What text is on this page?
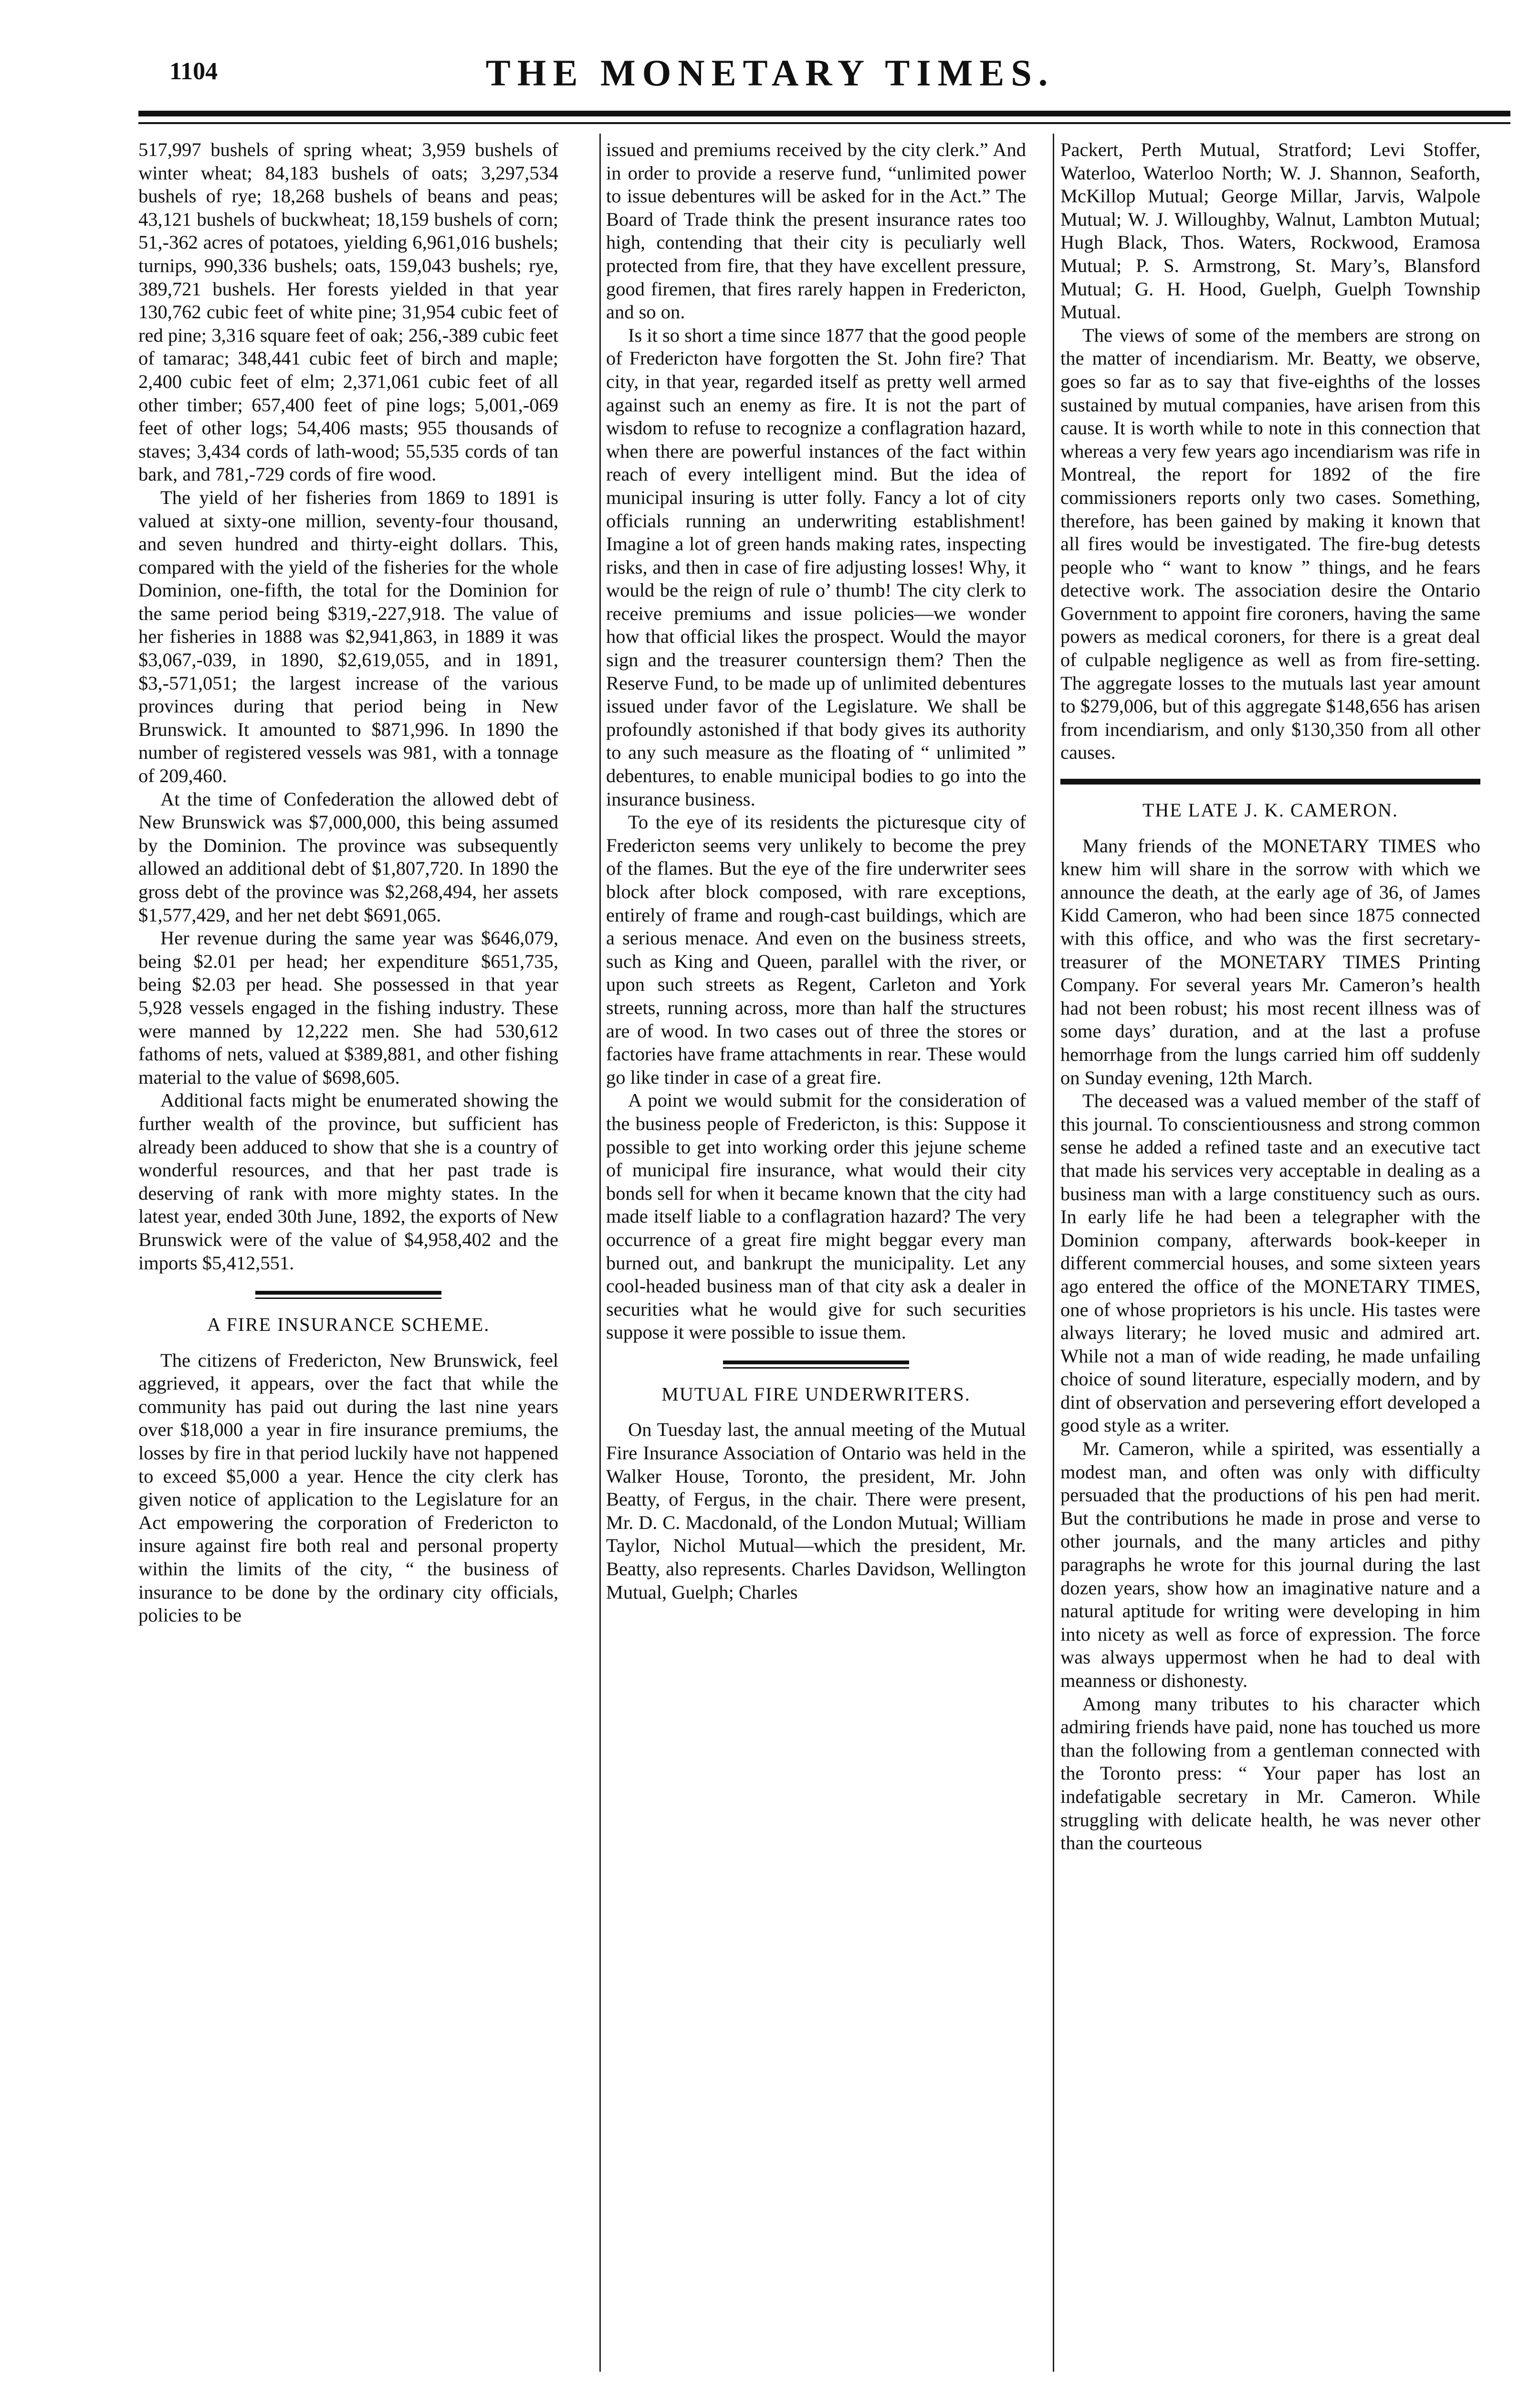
1104	THE MONETARY TIMES.

517,997 bushels of spring wheat; 3,959 bushels of winter wheat; 84,183 bushels of oats; 3,297,534 bushels of rye; 18,268 bushels of beans and peas; 43,121 bushels of buckwheat; 18,159 bushels of corn; 51,-362 acres of potatoes, yielding 6,961,016 bushels; turnips, 990,336 bushels; oats, 159,043 bushels; rye, 389,721 bushels. Her forests yielded in that year 130,762 cubic feet of white pine; 31,954 cubic feet of red pine; 3,316 square feet of oak; 256,-389 cubic feet of tamarac; 348,441 cubic feet of birch and maple; 2,400 cubic feet of elm; 2,371,061 cubic feet of all other timber; 657,400 feet of pine logs; 5,001,-069 feet of other logs; 54,406 masts; 955 thousands of staves; 3,434 cords of lath-wood; 55,535 cords of tan bark, and 781,-729 cords of fire wood.

The yield of her fisheries from 1869 to 1891 is valued at sixty-one million, seventy-four thousand, and seven hundred and thirty-eight dollars. This, compared with the yield of the fisheries for the whole Dominion, one-fifth, the total for the Dominion for the same period being $319,-227,918. The value of her fisheries in 1888 was $2,941,863, in 1889 it was $3,067,-039, in 1890, $2,619,055, and in 1891, $3,-571,051; the largest increase of the various provinces during that period being in New Brunswick. It amounted to $871,996. In 1890 the number of registered vessels was 981, with a tonnage of 209,460.

At the time of Confederation the allowed debt of New Brunswick was $7,000,000, this being assumed by the Dominion. The province was subsequently allowed an additional debt of $1,807,720. In 1890 the gross debt of the province was $2,268,494, her assets $1,577,429, and her net debt $691,065.

Her revenue during the same year was $646,079, being $2.01 per head; her expenditure $651,735, being $2.03 per head. She possessed in that year 5,928 vessels engaged in the fishing industry. These were manned by 12,222 men. She had 530,612 fathoms of nets, valued at $389,881, and other fishing material to the value of $698,605.

Additional facts might be enumerated showing the further wealth of the province, but sufficient has already been adduced to show that she is a country of wonderful resources, and that her past trade is deserving of rank with more mighty states. In the latest year, ended 30th June, 1892, the exports of New Brunswick were of the value of $4,958,402 and the imports $5,412,551.

A FIRE INSURANCE SCHEME.

The citizens of Fredericton, New Brunswick, feel aggrieved, it appears, over the fact that while the community has paid out during the last nine years over $18,000 a year in fire insurance premiums, the losses by fire in that period luckily have not happened to exceed $5,000 a year. Hence the city clerk has given notice of application to the Legislature for an Act empowering the corporation of Fredericton to insure against fire both real and personal property within the limits of the city, “ the business of insurance to be done by the ordinary city officials, policies to be

issued and premiums received by the city clerk.” And in order to provide a reserve fund, “unlimited power to issue debentures will be asked for in the Act.” The Board of Trade think the present insurance rates too high, contending that their city is peculiarly well protected from fire, that they have excellent pressure, good firemen, that fires rarely happen in Fredericton, and so on.

Is it so short a time since 1877 that the good people of Fredericton have forgotten the St. John fire? That city, in that year, regarded itself as pretty well armed against such an enemy as fire. It is not the part of wisdom to refuse to recognize a conflagration hazard, when there are powerful instances of the fact within reach of every intelligent mind. But the idea of municipal insuring is utter folly. Fancy a lot of city officials running an underwriting establishment! Imagine a lot of green hands making rates, inspecting risks, and then in case of fire adjusting losses! Why, it would be the reign of rule o’ thumb! The city clerk to receive premiums and issue policies—we wonder how that official likes the prospect. Would the mayor sign and the treasurer countersign them? Then the Reserve Fund, to be made up of unlimited debentures issued under favor of the Legislature. We shall be profoundly astonished if that body gives its authority to any such measure as the floating of “ unlimited ” debentures, to enable municipal bodies to go into the insurance business.

To the eye of its residents the picturesque city of Fredericton seems very unlikely to become the prey of the flames. But the eye of the fire underwriter sees block after block composed, with rare exceptions, entirely of frame and rough-cast buildings, which are a serious menace. And even on the business streets, such as King and Queen, parallel with the river, or upon such streets as Regent, Carleton and York streets, running across, more than half the structures are of wood. In two cases out of three the stores or factories have frame attachments in rear. These would go like tinder in case of a great fire.

A point we would submit for the consideration of the business people of Fredericton, is this: Suppose it possible to get into working order this jejune scheme of municipal fire insurance, what would their city bonds sell for when it became known that the city had made itself liable to a conflagration hazard? The very occurrence of a great fire might beggar every man burned out, and bankrupt the municipality. Let any cool-headed business man of that city ask a dealer in securities what he would give for such securities suppose it were possible to issue them.

MUTUAL FIRE UNDERWRITERS.

On Tuesday last, the annual meeting of the Mutual Fire Insurance Association of Ontario was held in the Walker House, Toronto, the president, Mr. John Beatty, of Fergus, in the chair. There were present, Mr. D. C. Macdonald, of the London Mutual; William Taylor, Nichol Mutual—which the president, Mr. Beatty, also represents. Charles Davidson, Wellington Mutual, Guelph; Charles

Packert, Perth Mutual, Stratford; Levi Stoffer, Waterloo, Waterloo North; W. J. Shannon, Seaforth, McKillop Mutual; George Millar, Jarvis, Walpole Mutual; W. J. Willoughby, Walnut, Lambton Mutual; Hugh Black, Thos. Waters, Rockwood, Eramosa Mutual; P. S. Armstrong, St. Mary’s, Blansford Mutual; G. H. Hood, Guelph, Guelph Township Mutual.

The views of some of the members are strong on the matter of incendiarism. Mr. Beatty, we observe, goes so far as to say that five-eighths of the losses sustained by mutual companies, have arisen from this cause. It is worth while to note in this connection that whereas a very few years ago incendiarism was rife in Montreal, the report for 1892 of the fire commissioners reports only two cases. Something, therefore, has been gained by making it known that all fires would be investigated. The fire-bug detests people who “ want to know ” things, and he fears detective work. The association desire the Ontario Government to appoint fire coroners, having the same powers as medical coroners, for there is a great deal of culpable negligence as well as from fire-setting. The aggregate losses to the mutuals last year amount to $279,006, but of this aggregate $148,656 has arisen from incendiarism, and only $130,350 from all other causes.

THE LATE J. K. CAMERON.

Many friends of the MONETARY TIMES who knew him will share in the sorrow with which we announce the death, at the early age of 36, of James Kidd Cameron, who had been since 1875 connected with this office, and who was the first secretary-treasurer of the MONETARY TIMES Printing Company. For several years Mr. Cameron’s health had not been robust; his most recent illness was of some days’ duration, and at the last a profuse hemorrhage from the lungs carried him off suddenly on Sunday evening, 12th March.

The deceased was a valued member of the staff of this journal. To conscientiousness and strong common sense he added a refined taste and an executive tact that made his services very acceptable in dealing as a business man with a large constituency such as ours. In early life he had been a telegrapher with the Dominion company, afterwards book-keeper in different commercial houses, and some sixteen years ago entered the office of the MONETARY TIMES, one of whose proprietors is his uncle. His tastes were always literary; he loved music and admired art. While not a man of wide reading, he made unfailing choice of sound literature, especially modern, and by dint of observation and persevering effort developed a good style as a writer.

Mr. Cameron, while a spirited, was essentially a modest man, and often was only with difficulty persuaded that the productions of his pen had merit. But the contributions he made in prose and verse to other journals, and the many articles and pithy paragraphs he wrote for this journal during the last dozen years, show how an imaginative nature and a natural aptitude for writing were developing in him into nicety as well as force of expression. The force was always uppermost when he had to deal with meanness or dishonesty.

Among many tributes to his character which admiring friends have paid, none has touched us more than the following from a gentleman connected with the Toronto press: “ Your paper has lost an indefatigable secretary in Mr. Cameron. While struggling with delicate health, he was never other than the courteous
